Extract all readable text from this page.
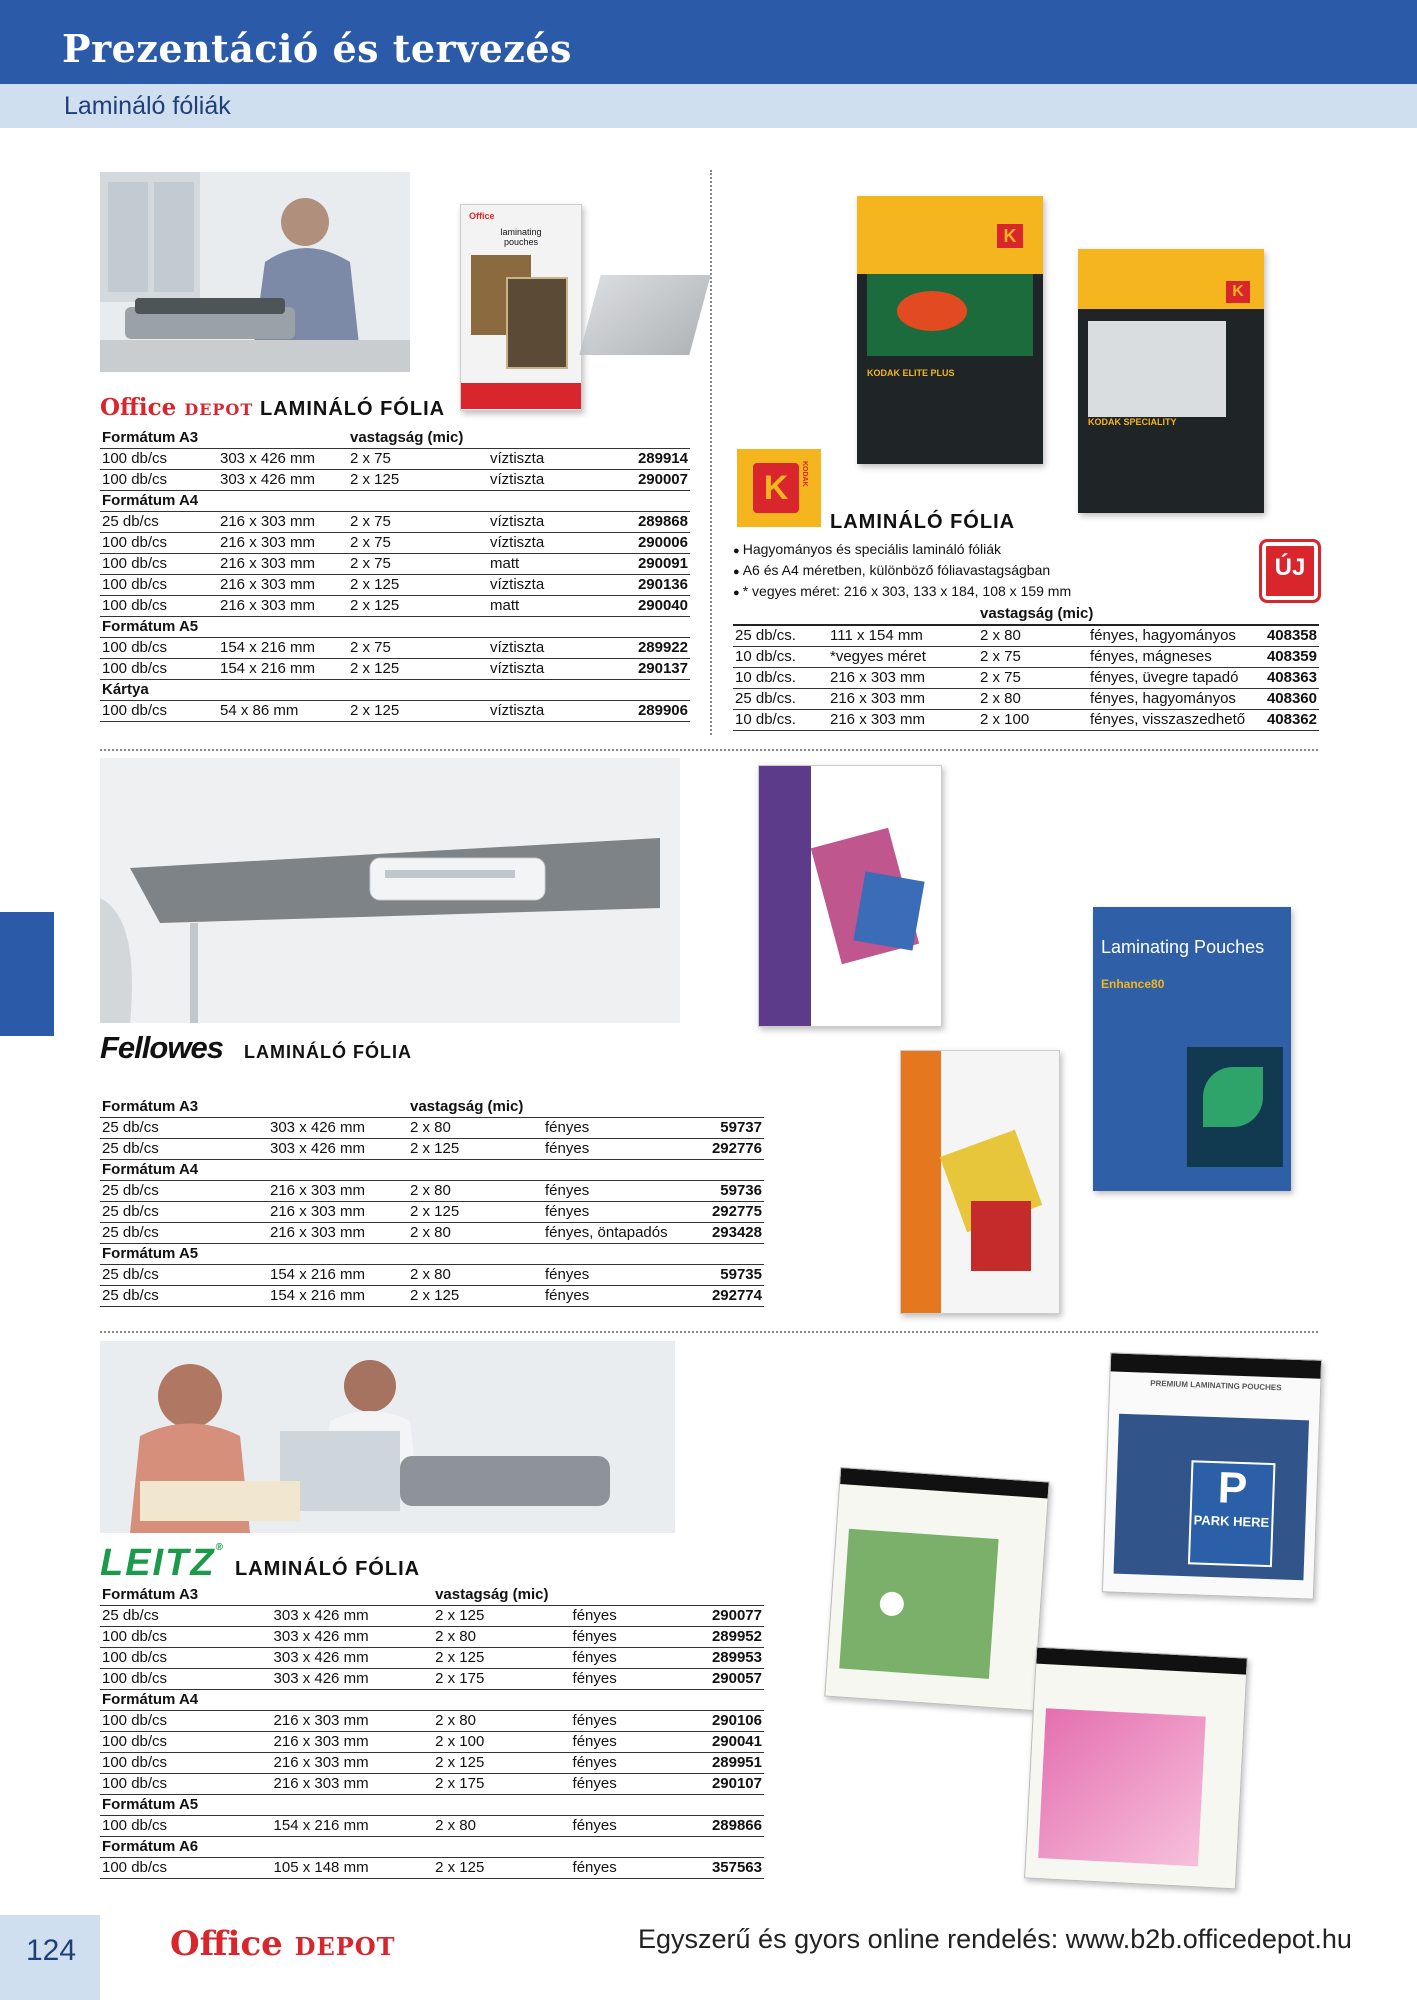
Prezentáció és tervezés
Lamináló fóliák
Office
laminating pouches
Office DEPOT LAMINÁLÓ FÓLIA
Formátum A3		vastagság (mic)		
100 db/cs	303 x 426 mm	2 x 75	víztiszta	289914
100 db/cs	303 x 426 mm	2 x 125	víztiszta	290007
Formátum A4				
25 db/cs	216 x 303 mm	2 x 75	víztiszta	289868
100 db/cs	216 x 303 mm	2 x 75	víztiszta	290006
100 db/cs	216 x 303 mm	2 x 75	matt	290091
100 db/cs	216 x 303 mm	2 x 125	víztiszta	290136
100 db/cs	216 x 303 mm	2 x 125	matt	290040
Formátum A5				
100 db/cs	154 x 216 mm	2 x 75	víztiszta	289922
100 db/cs	154 x 216 mm	2 x 125	víztiszta	290137
Kártya				
100 db/cs	54 x 86 mm	2 x 125	víztiszta	289906
K
KODAK ELITE PLUS
K
KODAK SPECIALITY
K	KODAK
LAMINÁLÓ FÓLIA
● Hagyományos és speciális lamináló fóliák
● A6 és A4 méretben, különböző fóliavastagságban
● * vegyes méret: 216 x 303, 133 x 184, 108 x 159 mm
ÚJ
		vastagság (mic)		
25 db/cs.	111 x 154 mm	2 x 80	fényes, hagyományos	408358
10 db/cs.	*vegyes méret	2 x 75	fényes, mágneses	408359
10 db/cs.	216 x 303 mm	2 x 75	fényes, üvegre tapadó	408363
25 db/cs.	216 x 303 mm	2 x 80	fényes, hagyományos	408360
10 db/cs.	216 x 303 mm	2 x 100	fényes, visszaszedhető	408362
Laminating Pouches
Enhance80
Fellowes LAMINÁLÓ FÓLIA
Formátum A3		vastagság (mic)		
25 db/cs	303 x 426 mm	2 x 80	fényes	59737
25 db/cs	303 x 426 mm	2 x 125	fényes	292776
Formátum A4				
25 db/cs	216 x 303 mm	2 x 80	fényes	59736
25 db/cs	216 x 303 mm	2 x 125	fényes	292775
25 db/cs	216 x 303 mm	2 x 80	fényes, öntapadós	293428
Formátum A5				
25 db/cs	154 x 216 mm	2 x 80	fényes	59735
25 db/cs	154 x 216 mm	2 x 125	fényes	292774
PREMIUM LAMINATING POUCHES
P
PARK HERE
LEITZ®
LAMINÁLÓ FÓLIA
Formátum A3		vastagság (mic)		
25 db/cs	303 x 426 mm	2 x 125	fényes	290077
100 db/cs	303 x 426 mm	2 x 80	fényes	289952
100 db/cs	303 x 426 mm	2 x 125	fényes	289953
100 db/cs	303 x 426 mm	2 x 175	fényes	290057
Formátum A4				
100 db/cs	216 x 303 mm	2 x 80	fényes	290106
100 db/cs	216 x 303 mm	2 x 100	fényes	290041
100 db/cs	216 x 303 mm	2 x 125	fényes	289951
100 db/cs	216 x 303 mm	2 x 175	fényes	290107
Formátum A5				
100 db/cs	154 x 216 mm	2 x 80	fényes	289866
Formátum A6				
100 db/cs	105 x 148 mm	2 x 125	fényes	357563
124	Office DEPOT	Egyszerű és gyors online rendelés: www.b2b.officedepot.hu
